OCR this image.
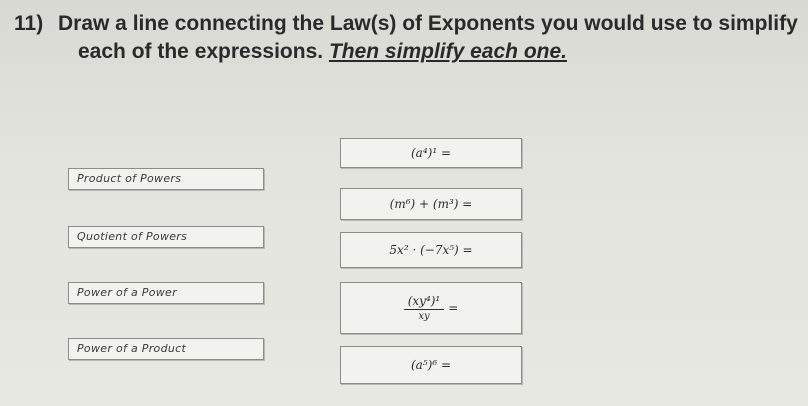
11) Draw a line connecting the Law(s) of Exponents you would use to simplify
each of the expressions. Then simplify each one.
Product of Powers
Quotient of Powers
Power of a Power
Power of a Product
(a⁴)¹ =
(m⁶) + (m³) =
5x² · (−7x⁵) =
$\frac{\text{(xy⁴)¹}}{xy}$ =
(a⁵)⁶ =
